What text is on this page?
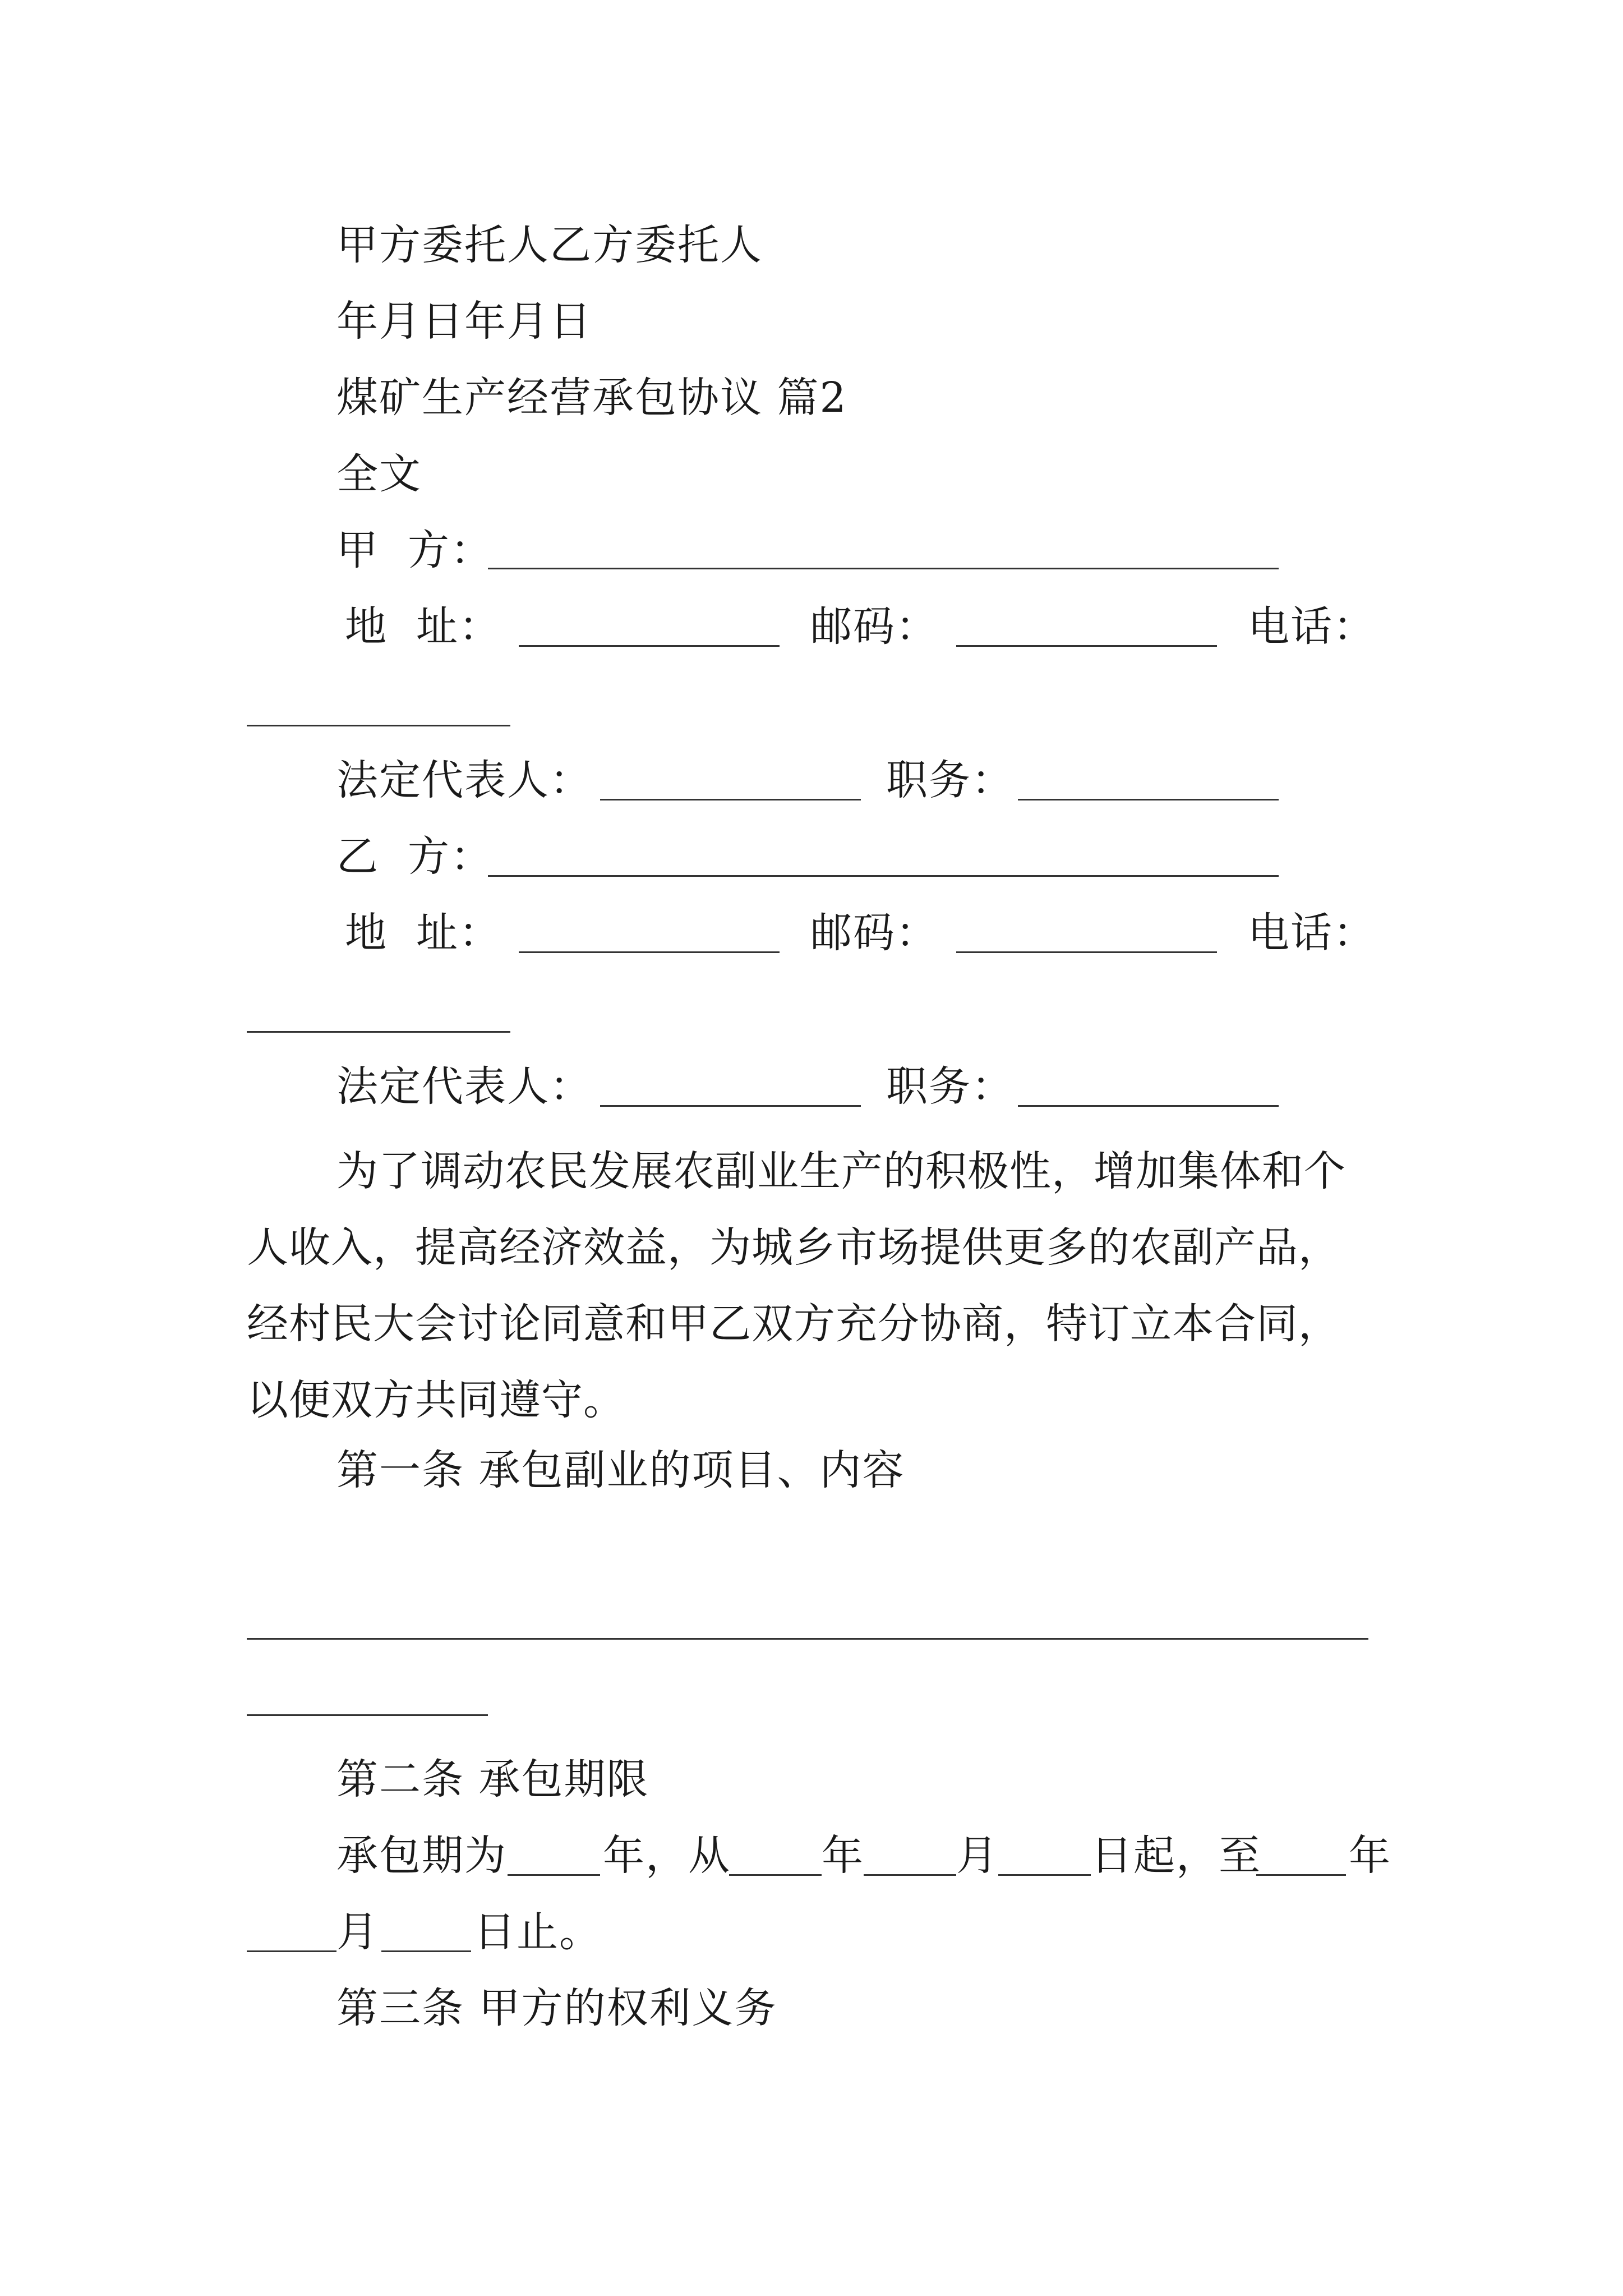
甲方委托人乙方委托人
年月日年月日
煤矿生产经营承包协议 篇2
全文
甲  方：
地  址：	邮码：	电话：
法定代表人：	职务：
乙  方：
地  址：	邮码：	电话：
法定代表人：	职务：
为了调动农民发展农副业生产的积极性，增加集体和个
人收入，提高经济效益，为城乡市场提供更多的农副产品，
经村民大会讨论同意和甲乙双方充分协商，特订立本合同，
以便双方共同遵守。
第一条 承包副业的项目、内容
第二条 承包期限
承包期为 年，从 年 月 日起，至 年
月 日止。
第三条 甲方的权利义务
